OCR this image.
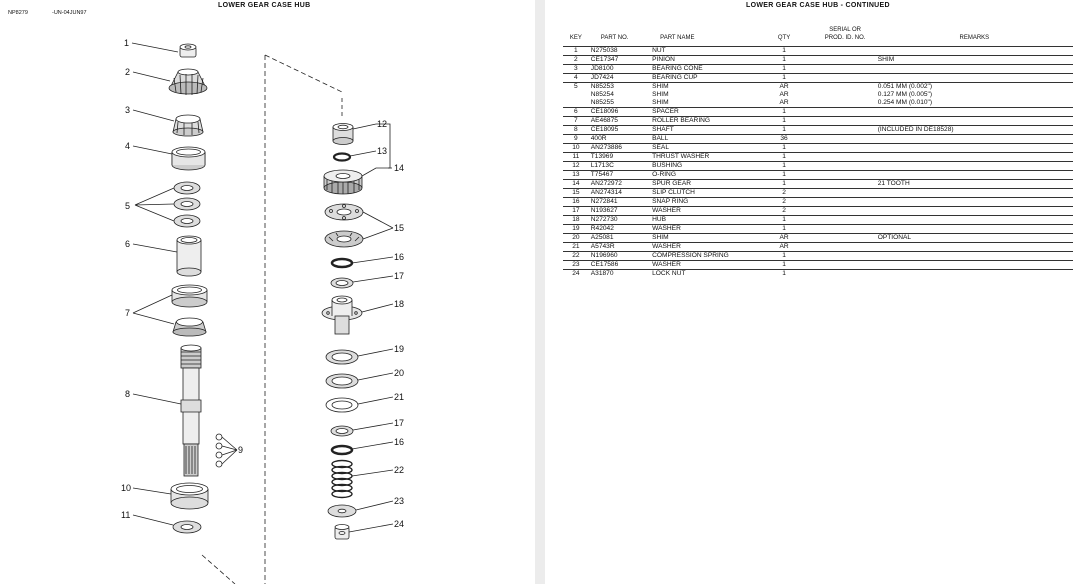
LOWER GEAR CASE HUB
NP8279	-UN-04JUN97
1
2
3
4
5
6
7
8
9
10
11
12
13
14
15
16
17
18
19
20
21
17
16
22
23
24
LOWER GEAR CASE HUB - CONTINUED
KEY	PART NO.	PART NAME	QTY	SERIAL OR
PROD. ID. NO.	REMARKS
1	N275038	NUT	1		
2	CE17347	PINION	1		SHIM
3	JD8100	BEARING CONE	1		
4	JD7424	BEARING CUP	1		
5	N85253	SHIM	AR		0.051 MM (0.002")
	N85254	SHIM	AR		0.127 MM (0.005")
	N85255	SHIM	AR		0.254 MM (0.010")
6	CE18096	SPACER	1		
7	AE46875	ROLLER BEARING	1		
8	CE18095	SHAFT	1		(INCLUDED IN DE18528)
9	400R	BALL	36		
10	AN273886	SEAL	1		
11	T13969	THRUST WASHER	1		
12	L1713C	BUSHING	1		
13	T75467	O-RING	1		
14	AN272972	SPUR GEAR	1		21 TOOTH
15	AN274314	SLIP CLUTCH	2		
16	N272841	SNAP RING	2		
17	N193627	WASHER	2		
18	N272730	HUB	1		
19	R42042	WASHER	1		
20	A25081	SHIM	AR		OPTIONAL
21	A5743R	WASHER	AR		
22	N196960	COMPRESSION SPRING	1		
23	CE17586	WASHER	1		
24	A31870	LOCK NUT	1		
